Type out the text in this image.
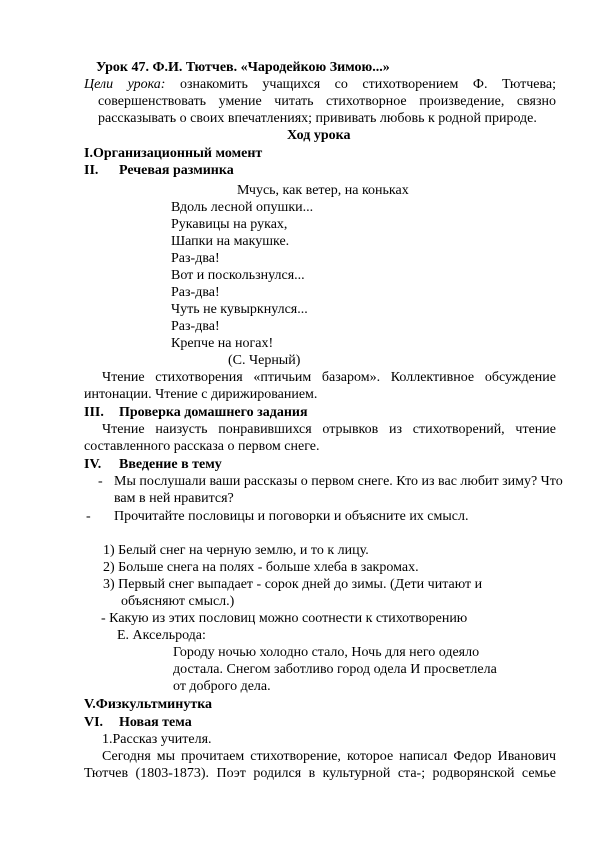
Урок 47. Ф.И. Тютчев. «Чародейкою Зимою...»
Цели урока: ознакомить учащихся со стихотворением Ф. Тютчева;
совершенствовать умение читать стихотворное произведение, связно
рассказывать о своих впечатлениях; прививать любовь к родной природе.
Ход урока
I.Организационный момент
II. Речевая разминка
Мчусь, как ветер, на коньках
Вдоль лесной опушки...
Рукавицы на руках,
Шапки на макушке.
Раз-два!
Вот и поскользнулся...
Раз-два!
Чуть не кувыркнулся...
Раз-два!
Крепче на ногах!
(С. Черный)
Чтение стихотворения «птичьим базаром». Коллективное обсуждение
интонации. Чтение с дирижированием.
III. Проверка домашнего задания
Чтение наизусть понравившихся отрывков из стихотворений, чтение
составленного рассказа о первом снеге.
IV. Введение в тему
- Мы послушали ваши рассказы о первом снеге. Кто из вас любит зиму? Что
вам в ней нравится?
- Прочитайте пословицы и поговорки и объясните их смысл.
1) Белый снег на черную землю, и то к лицу.
2) Больше снега на полях - больше хлеба в закромах.
3) Первый снег выпадает - сорок дней до зимы. (Дети читают и
объясняют смысл.)
- Какую из этих пословиц можно соотнести к стихотворению
Е. Аксельрода:
Городу ночью холодно стало, Ночь для него одеяло
достала. Снегом заботливо город одела И просветлела
от доброго дела.
V.Физкультминутка
VI. Новая тема
1.Рассказ учителя.
Сегодня мы прочитаем стихотворение, которое написал Федор Иванович
Тютчев (1803-1873). Поэт родился в культурной ста-; родворянской семье
